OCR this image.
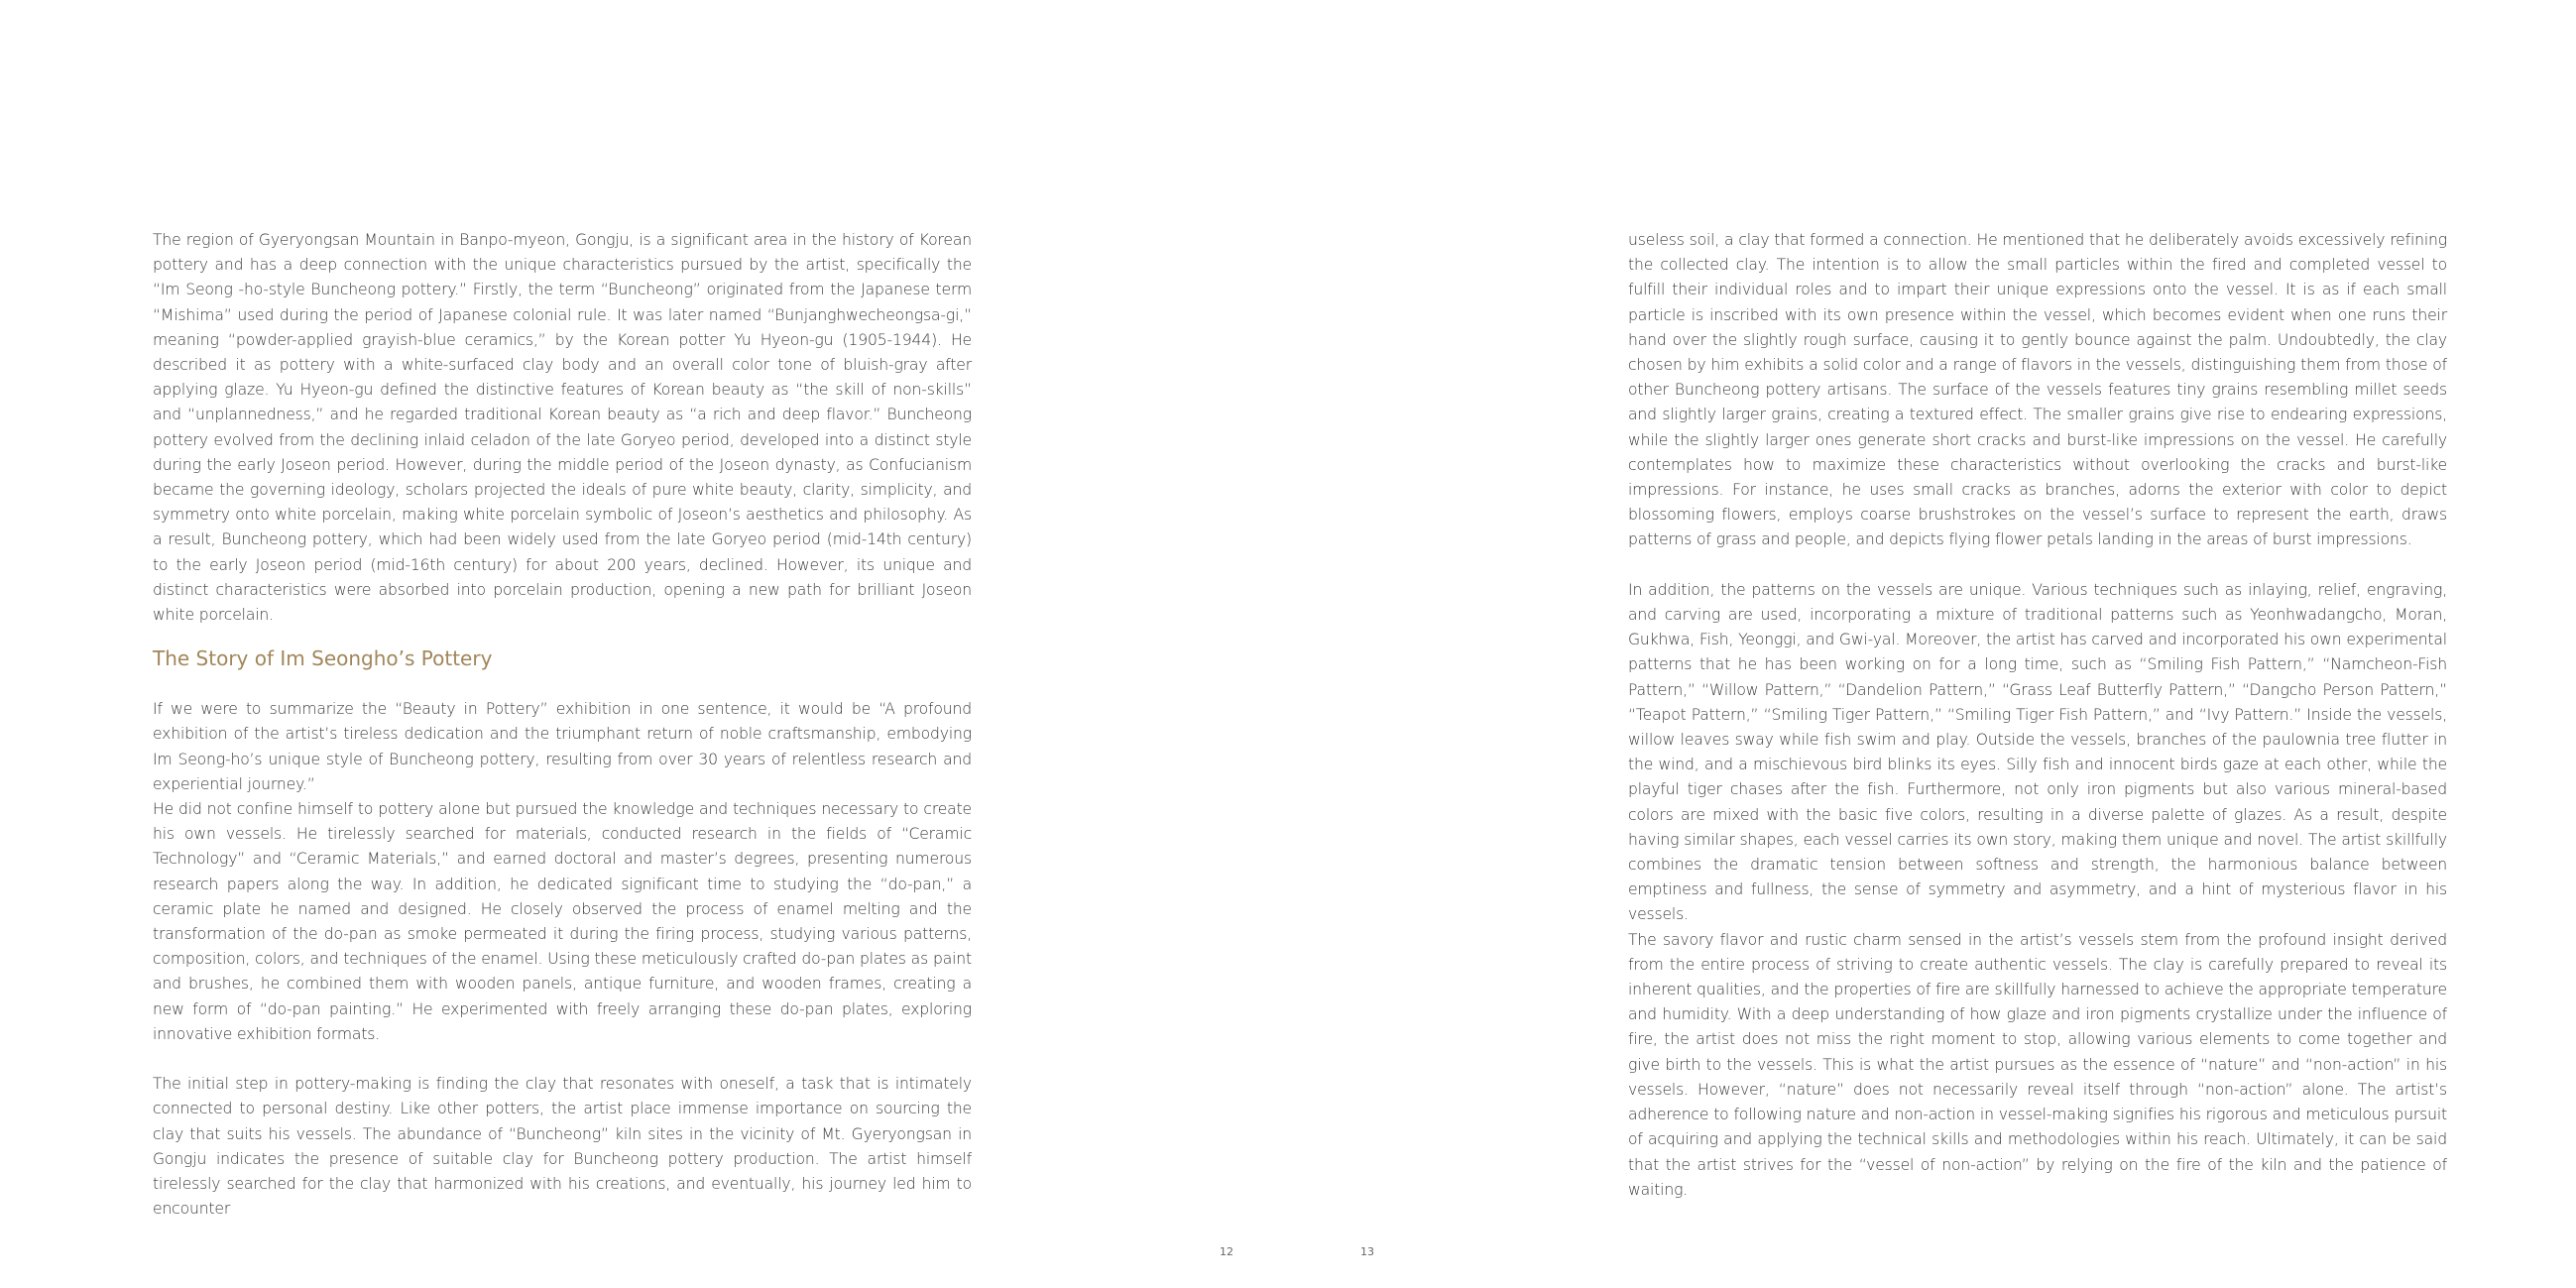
The region of Gyeryongsan Mountain in Banpo-myeon, Gongju, is a significant area in the history of Korean pottery and has a deep connection with the unique characteristics pursued by the artist, specifically the “Im Seong -ho-style Buncheong pottery.” Firstly, the term “Buncheong” originated from the Japanese term “Mishima” used during the period of Japanese colonial rule. It was later named “Bunjanghwecheongsa-gi,” meaning “powder-applied grayish-blue ceramics,” by the Korean potter Yu Hyeon-gu (1905-1944). He described it as pottery with a white-surfaced clay body and an overall color tone of bluish-gray after applying glaze. Yu Hyeon-gu defined the distinctive features of Korean beauty as “the skill of non-skills” and “unplannedness,” and he regarded traditional Korean beauty as “a rich and deep flavor.” Buncheong pottery evolved from the declining inlaid celadon of the late Goryeo period, developed into a distinct style during the early Joseon period. However, during the middle period of the Joseon dynasty, as Confucianism became the governing ideology, scholars projected the ideals of pure white beauty, clarity, simplicity, and symmetry onto white porcelain, making white porcelain symbolic of Joseon’s aesthetics and philosophy. As a result, Buncheong pottery, which had been widely used from the late Goryeo period (mid-14th century) to the early Joseon period (mid-16th century) for about 200 years, declined. However, its unique and distinct characteristics were absorbed into porcelain production, opening a new path for brilliant Joseon white porcelain.

The Story of Im Seongho’s Pottery

If we were to summarize the “Beauty in Pottery” exhibition in one sentence, it would be “A profound exhibition of the artist’s tireless dedication and the triumphant return of noble craftsmanship, embodying Im Seong-ho’s unique style of Buncheong pottery, resulting from over 30 years of relentless research and experiential journey.”

He did not confine himself to pottery alone but pursued the knowledge and techniques necessary to create his own vessels. He tirelessly searched for materials, conducted research in the fields of “Ceramic Technology” and “Ceramic Materials,” and earned doctoral and master’s degrees, presenting numerous research papers along the way. In addition, he dedicated significant time to studying the “do-pan,” a ceramic plate he named and designed. He closely observed the process of enamel melting and the transformation of the do-pan as smoke permeated it during the firing process, studying various patterns, composition, colors, and techniques of the enamel. Using these meticulously crafted do-pan plates as paint and brushes, he combined them with wooden panels, antique furniture, and wooden frames, creating a new form of “do-pan painting.” He experimented with freely arranging these do-pan plates, exploring innovative exhibition formats.

The initial step in pottery-making is finding the clay that resonates with oneself, a task that is intimately connected to personal destiny. Like other potters, the artist place immense importance on sourcing the clay that suits his vessels. The abundance of “Buncheong” kiln sites in the vicinity of Mt. Gyeryongsan in Gongju indicates the presence of suitable clay for Buncheong pottery production. The artist himself tirelessly searched for the clay that harmonized with his creations, and eventually, his journey led him to encounter

useless soil, a clay that formed a connection. He mentioned that he deliberately avoids excessively refining the collected clay. The intention is to allow the small particles within the fired and completed vessel to fulfill their individual roles and to impart their unique expressions onto the vessel. It is as if each small particle is inscribed with its own presence within the vessel, which becomes evident when one runs their hand over the slightly rough surface, causing it to gently bounce against the palm. Undoubtedly, the clay chosen by him exhibits a solid color and a range of flavors in the vessels, distinguishing them from those of other Buncheong pottery artisans. The surface of the vessels features tiny grains resembling millet seeds and slightly larger grains, creating a textured effect. The smaller grains give rise to endearing expressions, while the slightly larger ones generate short cracks and burst-like impressions on the vessel. He carefully contemplates how to maximize these characteristics without overlooking the cracks and burst-like impressions. For instance, he uses small cracks as branches, adorns the exterior with color to depict blossoming flowers, employs coarse brushstrokes on the vessel’s surface to represent the earth, draws patterns of grass and people, and depicts flying flower petals landing in the areas of burst impressions.

In addition, the patterns on the vessels are unique. Various techniques such as inlaying, relief, engraving, and carving are used, incorporating a mixture of traditional patterns such as Yeonhwadangcho, Moran, Gukhwa, Fish, Yeonggi, and Gwi-yal. Moreover, the artist has carved and incorporated his own experimental patterns that he has been working on for a long time, such as “Smiling Fish Pattern,” “Namcheon-Fish Pattern,” “Willow Pattern,” “Dandelion Pattern,” “Grass Leaf Butterfly Pattern,” “Dangcho Person Pattern,” “Teapot Pattern,” “Smiling Tiger Pattern,” “Smiling Tiger Fish Pattern,” and “Ivy Pattern.” Inside the vessels, willow leaves sway while fish swim and play. Outside the vessels, branches of the paulownia tree flutter in the wind, and a mischievous bird blinks its eyes. Silly fish and innocent birds gaze at each other, while the playful tiger chases after the fish. Furthermore, not only iron pigments but also various mineral-based colors are mixed with the basic five colors, resulting in a diverse palette of glazes. As a result, despite having similar shapes, each vessel carries its own story, making them unique and novel. The artist skillfully combines the dramatic tension between softness and strength, the harmonious balance between emptiness and fullness, the sense of symmetry and asymmetry, and a hint of mysterious flavor in his vessels.

The savory flavor and rustic charm sensed in the artist’s vessels stem from the profound insight derived from the entire process of striving to create authentic vessels. The clay is carefully prepared to reveal its inherent qualities, and the properties of fire are skillfully harnessed to achieve the appropriate temperature and humidity. With a deep understanding of how glaze and iron pigments crystallize under the influence of fire, the artist does not miss the right moment to stop, allowing various elements to come together and give birth to the vessels. This is what the artist pursues as the essence of “nature” and “non-action” in his vessels. However, “nature” does not necessarily reveal itself through “non-action” alone. The artist’s adherence to following nature and non-action in vessel-making signifies his rigorous and meticulous pursuit of acquiring and applying the technical skills and methodologies within his reach. Ultimately, it can be said that the artist strives for the “vessel of non-action” by relying on the fire of the kiln and the patience of waiting.

12	13
